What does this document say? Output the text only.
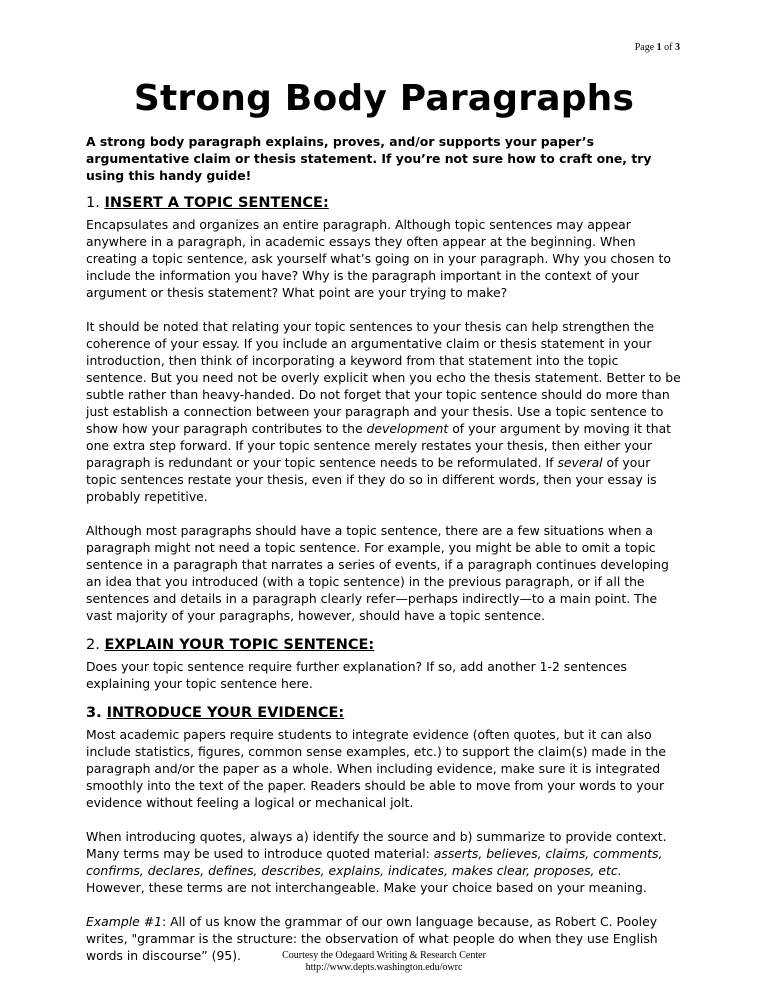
Page 1 of 3
Strong Body Paragraphs

A strong body paragraph explains, proves, and/or supports your paper’s argumentative claim or thesis statement. If you’re not sure how to craft one, try using this handy guide!

1. INSERT A TOPIC SENTENCE:

Encapsulates and organizes an entire paragraph. Although topic sentences may appear anywhere in a paragraph, in academic essays they often appear at the beginning. When creating a topic sentence, ask yourself what’s going on in your paragraph. Why you chosen to include the information you have? Why is the paragraph important in the context of your argument or thesis statement? What point are your trying to make?

It should be noted that relating your topic sentences to your thesis can help strengthen the coherence of your essay. If you include an argumentative claim or thesis statement in your introduction, then think of incorporating a keyword from that statement into the topic sentence. But you need not be overly explicit when you echo the thesis statement. Better to be subtle rather than heavy-handed. Do not forget that your topic sentence should do more than just establish a connection between your paragraph and your thesis. Use a topic sentence to show how your paragraph contributes to the development of your argument by moving it that one extra step forward. If your topic sentence merely restates your thesis, then either your paragraph is redundant or your topic sentence needs to be reformulated. If several of your topic sentences restate your thesis, even if they do so in different words, then your essay is probably repetitive.

Although most paragraphs should have a topic sentence, there are a few situations when a paragraph might not need a topic sentence. For example, you might be able to omit a topic sentence in a paragraph that narrates a series of events, if a paragraph continues developing an idea that you introduced (with a topic sentence) in the previous paragraph, or if all the sentences and details in a paragraph clearly refer—perhaps indirectly—to a main point. The vast majority of your paragraphs, however, should have a topic sentence.

2. EXPLAIN YOUR TOPIC SENTENCE:

Does your topic sentence require further explanation? If so, add another 1-2 sentences explaining your topic sentence here.

3. INTRODUCE YOUR EVIDENCE:

Most academic papers require students to integrate evidence (often quotes, but it can also include statistics, figures, common sense examples, etc.) to support the claim(s) made in the paragraph and/or the paper as a whole. When including evidence, make sure it is integrated smoothly into the text of the paper. Readers should be able to move from your words to your evidence without feeling a logical or mechanical jolt.

When introducing quotes, always a) identify the source and b) summarize to provide context. Many terms may be used to introduce quoted material: asserts, believes, claims, comments, confirms, declares, defines, describes, explains, indicates, makes clear, proposes, etc. However, these terms are not interchangeable. Make your choice based on your meaning.

Example #1: All of us know the grammar of our own language because, as Robert C. Pooley writes, "grammar is the structure: the observation of what people do when they use English words in discourse” (95).	Courtesy the Odegaard Writing & Research Center
http://www.depts.washington.edu/owrc
